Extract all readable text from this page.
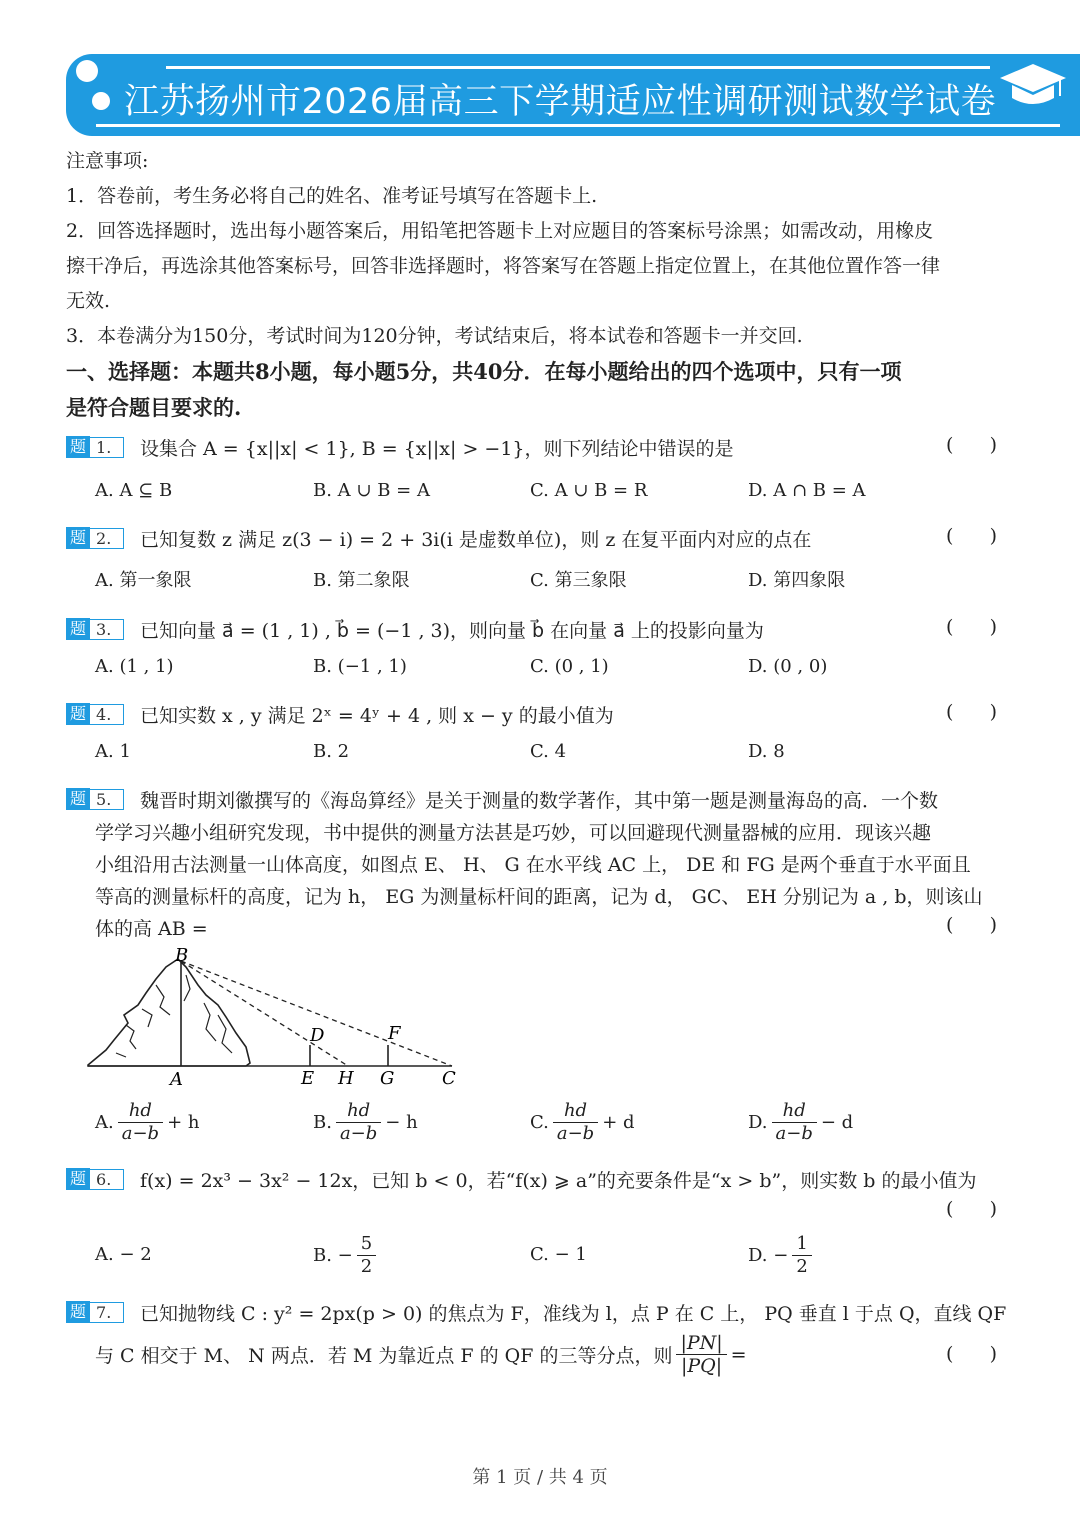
江苏扬州市2026届高三下学期适应性调研测试数学试卷
注意事项:
1．答卷前，考生务必将自己的姓名、准考证号填写在答题卡上.
2．回答选择题时，选出每小题答案后，用铅笔把答题卡上对应题目的答案标号涂黑；如需改动，用橡皮
擦干净后，再选涂其他答案标号，回答非选择题时，将答案写在答题上指定位置上，在其他位置作答一律
无效.
3．本卷满分为150分，考试时间为120分钟，考试结束后，将本试卷和答题卡一并交回.
一、选择题：本题共8小题，每小题5分，共40分．在每小题给出的四个选项中，只有一项
是符合题目要求的.
题 1.	设集合 A = {x||x| < 1}, B = {x||x| > −1}，则下列结论中错误的是	(      )
A. A ⊆ B	B. A ∪ B = A	C. A ∪ B = R	D. A ∩ B = A
题 2.	已知复数 z 满足 z(3 − i) = 2 + 3i(i 是虚数单位)，则 z 在复平面内对应的点在	(      )
A. 第一象限	B. 第二象限	C. 第三象限	D. 第四象限
题 3.	已知向量 a⃗ = (1 , 1) , b⃗ = (−1 , 3)，则向量 b⃗ 在向量 a⃗ 上的投影向量为	(      )
A. (1 , 1)	B. (−1 , 1)	C. (0 , 1)	D. (0 , 0)
题 4.	已知实数 x , y 满足 2ˣ = 4ʸ + 4 , 则 x − y 的最小值为	(      )
A. 1	B. 2	C. 4	D. 8
题 5.	魏晋时期刘徽撰写的《海岛算经》是关于测量的数学著作，其中第一题是测量海岛的高．一个数
学学习兴趣小组研究发现，书中提供的测量方法甚是巧妙，可以回避现代测量器械的应用．现该兴趣
小组沿用古法测量一山体高度，如图点 E、 H、 G 在水平线 AC 上， DE 和 FG 是两个垂直于水平面且
等高的测量标杆的高度，记为 h， EG 为测量标杆间的距离，记为 d， GC、 EH 分别记为 a , b，则该山
体的高 AB =	(      )
B
D	F
A	E H G	C
A. $\frac{hd}{a-b} + h$	B. $\frac{hd}{a-b} - h$	C. $\frac{hd}{a-b} + d$	D. $\frac{hd}{a-b} - d$
题 6.	f(x) = 2x³ − 3x² − 12x，已知 b < 0，若“f(x) ⩾ a”的充要条件是“x > b”，则实数 b 的最小值为
(      )
A. − 2	B. − $\frac{5}{2}$	C. − 1	D. − $\frac{1}{2}$
题 7.	已知抛物线 C : y² = 2px(p > 0) 的焦点为 F，准线为 l，点 P 在 C 上， PQ 垂直 l 于点 Q，直线 QF
与 C 相交于 M、 N 两点．若 M 为靠近点 F 的 QF 的三等分点，则 $\frac{|PN|}{|PQ|}$ =	(      )
第 1 页 / 共 4 页
